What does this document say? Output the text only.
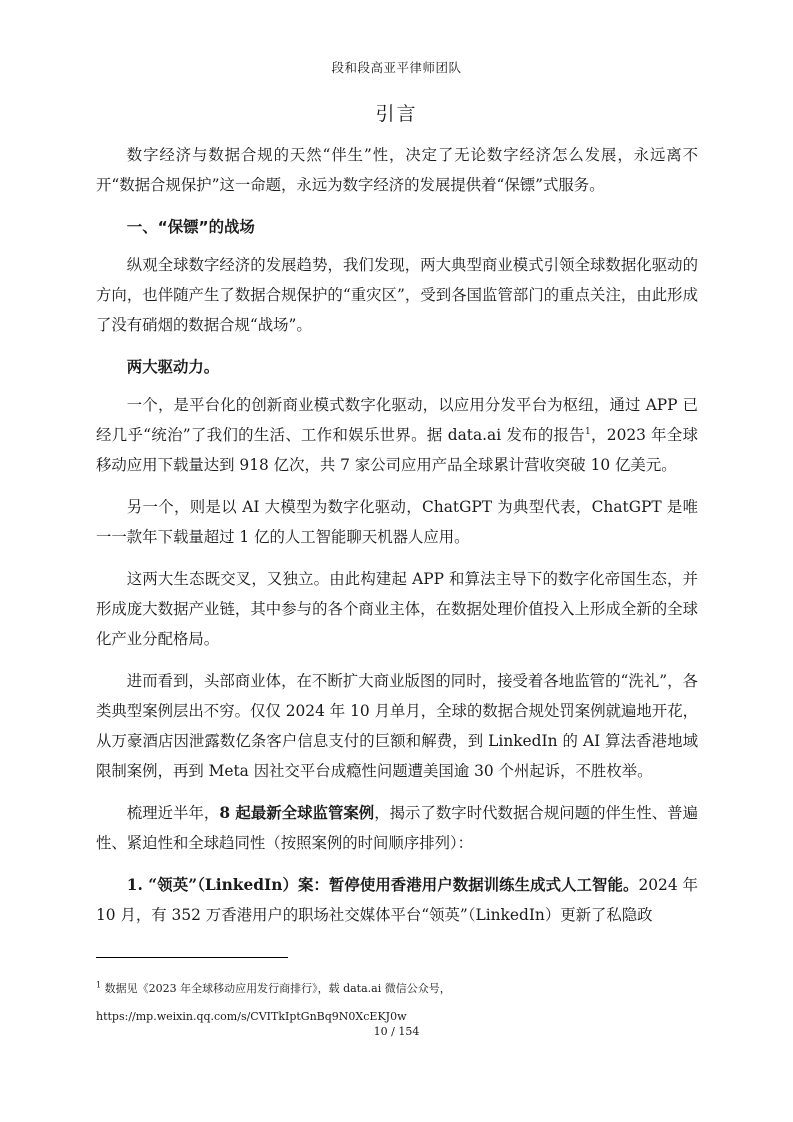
段和段高亚平律师团队
引言

数字经济与数据合规的天然“伴生”性，决定了无论数字经济怎么发展，永远离不开“数据合规保护”这一命题，永远为数字经济的发展提供着“保镖”式服务。

一、“保镖”的战场

纵观全球数字经济的发展趋势，我们发现，两大典型商业模式引领全球数据化驱动的方向，也伴随产生了数据合规保护的“重灾区”，受到各国监管部门的重点关注，由此形成了没有硝烟的数据合规“战场”。

两大驱动力。

一个，是平台化的创新商业模式数字化驱动，以应用分发平台为枢纽，通过 APP 已经几乎“统治”了我们的生活、工作和娱乐世界。据 data.ai 发布的报告$^1$，2023 年全球移动应用下载量达到 918 亿次，共 7 家公司应用产品全球累计营收突破 10 亿美元。

另一个，则是以 AI 大模型为数字化驱动，ChatGPT 为典型代表，ChatGPT 是唯一一款年下载量超过 1 亿的人工智能聊天机器人应用。

这两大生态既交叉，又独立。由此构建起 APP 和算法主导下的数字化帝国生态，并形成庞大数据产业链，其中参与的各个商业主体，在数据处理价值投入上形成全新的全球化产业分配格局。

进而看到，头部商业体，在不断扩大商业版图的同时，接受着各地监管的“洗礼”，各类典型案例层出不穷。仅仅 2024 年 10 月单月，全球的数据合规处罚案例就遍地开花，从万豪酒店因泄露数亿条客户信息支付的巨额和解费，到 LinkedIn 的 AI 算法香港地域限制案例，再到 Meta 因社交平台成瘾性问题遭美国逾 30 个州起诉，不胜枚举。

梳理近半年，8 起最新全球监管案例，揭示了数字时代数据合规问题的伴生性、普遍性、紧迫性和全球趋同性（按照案例的时间顺序排列）：

1. “领英”（LinkedIn）案：暂停使用香港用户数据训练生成式人工智能。2024 年 10 月，有 352 万香港用户的职场社交媒体平台“领英”（LinkedIn）更新了私隐政

$^1$ 数据见《2023 年全球移动应用发行商排行》，载 data.ai 微信公众号，
https://mp.weixin.qq.com/s/CVITkIptGnBq9N0XcEKJ0w
10 / 154
